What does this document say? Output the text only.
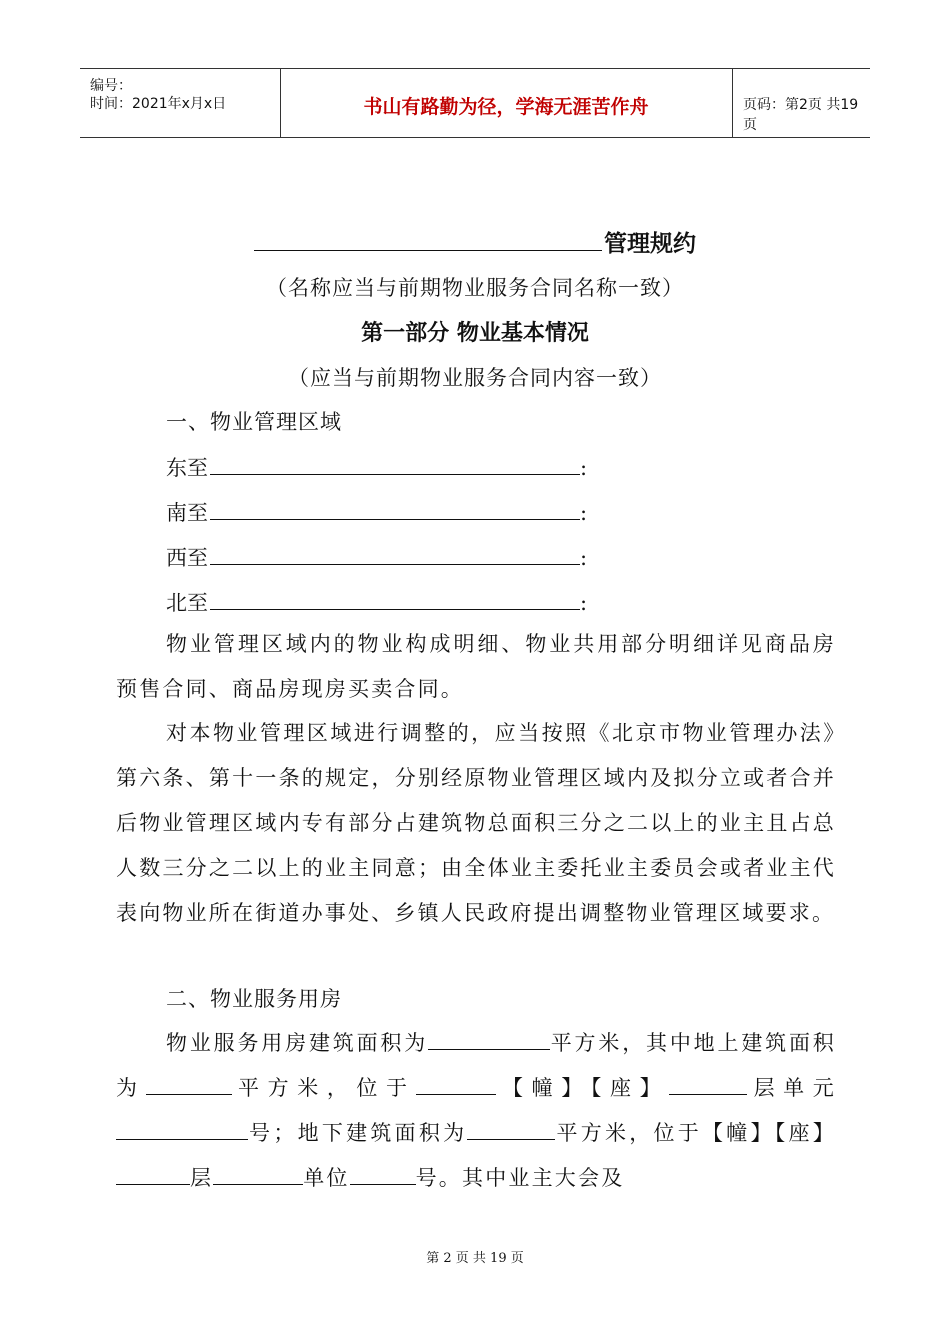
编号：
时间：2021年x月x日	书山有路勤为径，学海无涯苦作舟	页码：第2页 共19页
管理规约
（名称应当与前期物业服务合同名称一致）
第一部分 物业基本情况
（应当与前期物业服务合同内容一致）
一、物业管理区域
东至	:
南至	:
西至	:
北至	:

物业管理区域内的物业构成明细、物业共用部分明细详见商品房预售合同、商品房现房买卖合同。

对本物业管理区域进行调整的，应当按照《北京市物业管理办法》第六条、第十一条的规定，分别经原物业管理区域内及拟分立或者合并后物业管理区域内专有部分占建筑物总面积三分之二以上的业主且占总人数三分之二以上的业主同意；由全体业主委托业主委员会或者业主代表向物业所在街道办事处、乡镇人民政府提出调整物业管理区域要求。

二、物业服务用房

物业服务用房建筑面积为	平方米，其中地上建筑面积为	平方米，位于	【幢】【座】	层单元号；地下建筑面积为	平方米，位于【幢】【座】层	单位	号。其中业主大会及

第 2 页 共 19 页
